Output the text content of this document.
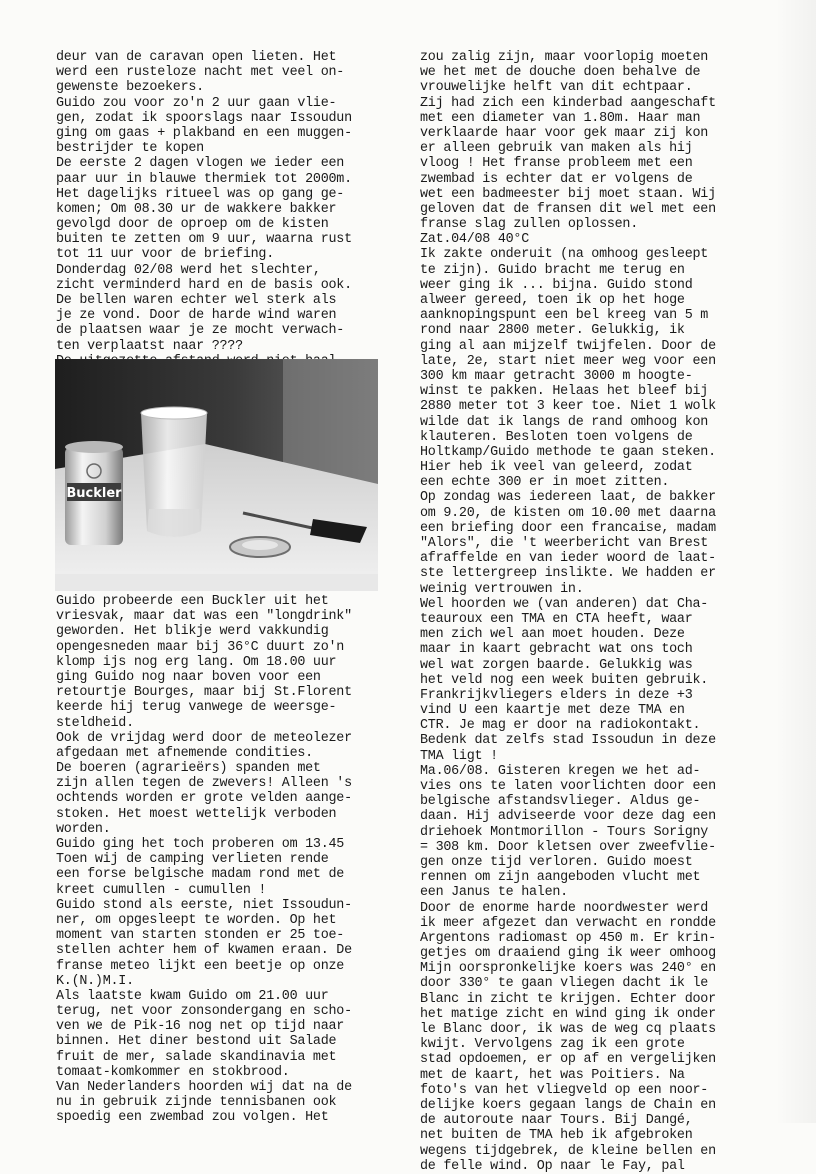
deur van de caravan open lieten. Het
werd een rusteloze nacht met veel on-
gewenste bezoekers.
Guido zou voor zo'n 2 uur gaan vlie-
gen, zodat ik spoorslags naar Issoudun
ging om gaas + plakband en een muggen-
bestrijder te kopen
De eerste 2 dagen vlogen we ieder een
paar uur in blauwe thermiek tot 2000m.
Het dagelijks ritueel was op gang ge-
komen; Om 08.30 ur de wakkere bakker
gevolgd door de oproep om de kisten
buiten te zetten om 9 uur, waarna rust
tot 11 uur voor de briefing.
Donderdag 02/08 werd het slechter,
zicht verminderd hard en de basis ook.
De bellen waren echter wel sterk als
je ze vond. Door de harde wind waren
de plaatsen waar je ze mocht verwach-
ten verplaatst naar ????
Buckler
Guido probeerde een Buckler uit het
vriesvak, maar dat was een "longdrink"
geworden. Het blikje werd vakkundig
opengesneden maar bij 36°C duurt zo'n
klomp ijs nog erg lang. Om 18.00 uur
ging Guido nog naar boven voor een
retourtje Bourges, maar bij St.Florent
keerde hij terug vanwege de weersge-
steldheid.
Ook de vrijdag werd door de meteolezer
afgedaan met afnemende condities.
De boeren (agrarieërs) spanden met
zijn allen tegen de zwevers! Alleen 's
ochtends worden er grote velden aange-
stoken. Het moest wettelijk verboden
worden.
Guido ging het toch proberen om 13.45
Toen wij de camping verlieten rende
een forse belgische madam rond met de
kreet cumullen - cumullen !
Guido stond als eerste, niet Issoudun-
ner, om opgesleept te worden. Op het
moment van starten stonden er 25 toe-
stellen achter hem of kwamen eraan. De
franse meteo lijkt een beetje op onze
K.(N.)M.I.
Als laatste kwam Guido om 21.00 uur
terug, net voor zonsondergang en scho-
ven we de Pik-16 nog net op tijd naar
binnen. Het diner bestond uit Salade
fruit de mer, salade skandinavia met
tomaat-komkommer en stokbrood.
Van Nederlanders hoorden wij dat na de
nu in gebruik zijnde tennisbanen ook
spoedig een zwembad zou volgen. Het
zou zalig zijn, maar voorlopig moeten
we het met de douche doen behalve de
vrouwelijke helft van dit echtpaar.
Zij had zich een kinderbad aangeschaft
met een diameter van 1.80m. Haar man
verklaarde haar voor gek maar zij kon
er alleen gebruik van maken als hij
vloog ! Het franse probleem met een
zwembad is echter dat er volgens de
wet een badmeester bij moet staan. Wij
geloven dat de fransen dit wel met een
franse slag zullen oplossen.
Zat.04/08 40°C
Ik zakte onderuit (na omhoog gesleept
te zijn). Guido bracht me terug en
weer ging ik ... bijna. Guido stond
alweer gereed, toen ik op het hoge
aanknopingspunt een bel kreeg van 5 m
rond naar 2800 meter. Gelukkig, ik
ging al aan mijzelf twijfelen. Door de
late, 2e, start niet meer weg voor een
300 km maar getracht 3000 m hoogte-
winst te pakken. Helaas het bleef bij
2880 meter tot 3 keer toe. Niet 1 wolk
wilde dat ik langs de rand omhoog kon
klauteren. Besloten toen volgens de
Holtkamp/Guido methode te gaan steken.
Hier heb ik veel van geleerd, zodat
een echte 300 er in moet zitten.
Op zondag was iedereen laat, de bakker
om 9.20, de kisten om 10.00 met daarna
een briefing door een francaise, madam
"Alors", die 't weerbericht van Brest
afraffelde en van ieder woord de laat-
ste lettergreep inslikte. We hadden er
weinig vertrouwen in.
Wel hoorden we (van anderen) dat Cha-
teauroux een TMA en CTA heeft, waar
men zich wel aan moet houden. Deze
maar in kaart gebracht wat ons toch
wel wat zorgen baarde. Gelukkig was
het veld nog een week buiten gebruik.
Frankrijkvliegers elders in deze +3
vind U een kaartje met deze TMA en
CTR. Je mag er door na radiokontakt.
Bedenk dat zelfs stad Issoudun in deze
TMA ligt !
Ma.06/08. Gisteren kregen we het ad-
vies ons te laten voorlichten door een
belgische afstandsvlieger. Aldus ge-
daan. Hij adviseerde voor deze dag een
driehoek Montmorillon - Tours Sorigny
= 308 km. Door kletsen over zweefvlie-
gen onze tijd verloren. Guido moest
rennen om zijn aangeboden vlucht met
een Janus te halen.
Door de enorme harde noordwester werd
ik meer afgezet dan verwacht en rondde
Argentons radiomast op 450 m. Er krin-
getjes om draaiend ging ik weer omhoog
Mijn oorspronkelijke koers was 240° en
door 330° te gaan vliegen dacht ik le
Blanc in zicht te krijgen. Echter door
het matige zicht en wind ging ik onder
le Blanc door, ik was de weg cq plaats
kwijt. Vervolgens zag ik een grote
stad opdoemen, er op af en vergelijken
met de kaart, het was Poitiers. Na
foto's van het vliegveld op een noor-
delijke koers gegaan langs de Chain en
de autoroute naar Tours. Bij Dangé,
net buiten de TMA heb ik afgebroken
wegens tijdgebrek, de kleine bellen en
de felle wind. Op naar le Fay, pal
